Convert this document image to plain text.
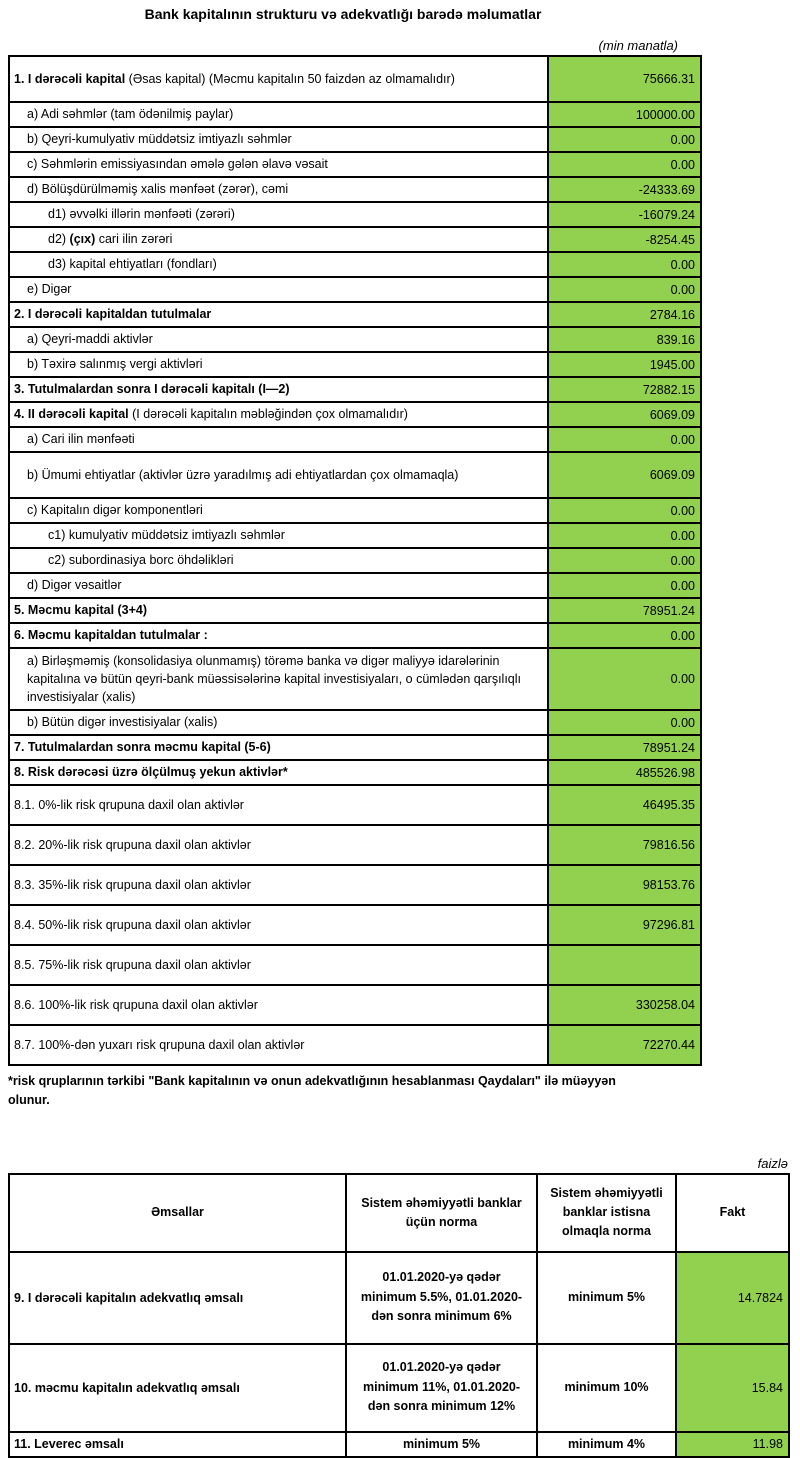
Bank kapitalının strukturu və adekvatlığı barədə məlumatlar
(min manatla)
1. I dərəcəli kapital (Əsas kapital) (Məcmu kapitalın 50 faizdən az olmamalıdır)	75666.31
a) Adi səhmlər (tam ödənilmiş paylar)	100000.00
b) Qeyri-kumulyativ müddətsiz imtiyazlı səhmlər	0.00
c) Səhmlərin emissiyasından əmələ gələn əlavə vəsait	0.00
d) Bölüşdürülməmiş xalis mənfəət (zərər), cəmi	-24333.69
d1) əvvəlki illərin mənfəəti (zərəri)	-16079.24
d2) (çıx) cari ilin zərəri	-8254.45
d3) kapital ehtiyatları (fondları)	0.00
e) Digər	0.00
2. I dərəcəli kapitaldan tutulmalar	2784.16
a) Qeyri-maddi aktivlər	839.16
b) Təxirə salınmış vergi aktivləri	1945.00
3. Tutulmalardan sonra I dərəcəli kapitalı (I—2)	72882.15
4. II dərəcəli kapital (I dərəcəli kapitalın məbləğindən çox olmamalıdır)	6069.09
a) Cari ilin mənfəəti	0.00
b) Ümumi ehtiyatlar (aktivlər üzrə yaradılmış adi ehtiyatlardan çox olmamaqla)	6069.09
c) Kapitalın digər komponentləri	0.00
c1) kumulyativ müddətsiz imtiyazlı səhmlər	0.00
c2) subordinasiya borc öhdəlikləri	0.00
d) Digər vəsaitlər	0.00
5. Məcmu kapital (3+4)	78951.24
6. Məcmu kapitaldan tutulmalar :	0.00
a) Birləşməmiş (konsolidasiya olunmamış) törəmə banka və digər maliyyə idarələrinin kapitalına və bütün qeyri-bank müəssisələrinə kapital investisiyaları, o cümlədən qarşılıqlı investisiyalar (xalis)	0.00
b) Bütün digər investisiyalar (xalis)	0.00
7. Tutulmalardan sonra məcmu kapital (5-6)	78951.24
8. Risk dərəcəsi üzrə ölçülmuş yekun aktivlər*	485526.98
8.1. 0%-lik risk qrupuna daxil olan aktivlər	46495.35
8.2. 20%-lik risk qrupuna daxil olan aktivlər	79816.56
8.3. 35%-lik risk qrupuna daxil olan aktivlər	98153.76
8.4. 50%-lik risk qrupuna daxil olan aktivlər	97296.81
8.5. 75%-lik risk qrupuna daxil olan aktivlər	
8.6. 100%-lik risk qrupuna daxil olan aktivlər	330258.04
8.7. 100%-dən yuxarı risk qrupuna daxil olan aktivlər	72270.44
*risk qruplarının tərkibi "Bank kapitalının və onun adekvatlığının hesablanması Qaydaları" ilə müəyyən olunur.
faizlə
Əmsallar	Sistem əhəmiyyətli banklar üçün norma	Sistem əhəmiyyətli banklar istisna olmaqla norma	Fakt
9. I dərəcəli kapitalın adekvatlıq əmsalı	01.01.2020-yə qədər minimum 5.5%, 01.01.2020-dən sonra minimum 6%	minimum 5%	14.7824
10. məcmu kapitalın adekvatlıq əmsalı	01.01.2020-yə qədər minimum 11%, 01.01.2020-dən sonra minimum 12%	minimum 10%	15.84
11. Leverec əmsalı	minimum 5%	minimum 4%	11.98
